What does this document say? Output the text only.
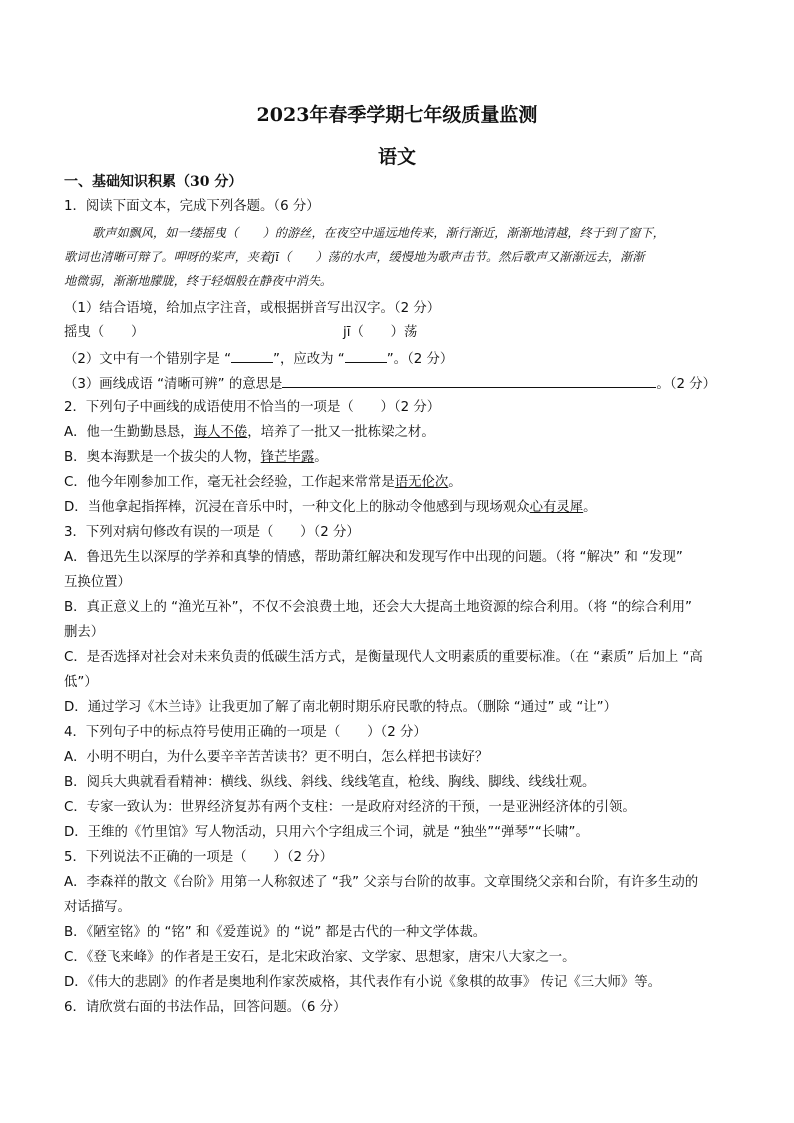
2023年春季学期七年级质量监测
语文
一、基础知识积累（30 分）
1．阅读下面文本，完成下列各题。（6 分）
歌声如飘风，如一缕摇曳（　　）的游丝，在夜空中遥远地传来，渐行渐近，渐渐地清越，终于到了窗下，
歌词也清晰可辩了。呷呀的桨声，夹着jī（　　）荡的水声，缓慢地为歌声击节。然后歌声又渐渐远去，渐渐
地微弱，渐渐地朦胧，终于轻烟般在静夜中消失。
（1）结合语境，给加点字注音，或根据拼音写出汉字。（2 分）
摇曳（　　）	jī（　　）荡
（2）文中有一个错别字是 “	”，应改为 “	”。（2 分）
（3）画线成语 “清晰可辨” 的意思是	。（2 分）
2．下列句子中画线的成语使用不恰当的一项是（　　）（2 分）
A．他一生勤勤恳恳，诲人不倦，培养了一批又一批栋梁之材。
B．奥本海默是一个拔尖的人物，锋芒毕露。
C．他今年刚参加工作，毫无社会经验，工作起来常常是语无伦次。
D．当他拿起指挥棒，沉浸在音乐中时，一种文化上的脉动令他感到与现场观众心有灵犀。
3．下列对病句修改有误的一项是（　　）（2 分）
A．鲁迅先生以深厚的学养和真挚的情感，帮助萧红解决和发现写作中出现的问题。（将 “解决” 和 “发现”
互换位置）
B．真正意义上的 “渔光互补”，不仅不会浪费土地，还会大大提高土地资源的综合利用。（将 “的综合利用”
删去）
C．是否选择对社会对未来负责的低碳生活方式，是衡量现代人文明素质的重要标准。（在 “素质” 后加上 “高
低”）
D．通过学习《木兰诗》让我更加了解了南北朝时期乐府民歌的特点。（删除 “通过” 或 “让”）
4．下列句子中的标点符号使用正确的一项是（　　）（2 分）
A．小明不明白，为什么要辛辛苦苦读书？更不明白，怎么样把书读好？
B．阅兵大典就看看精神：横线、纵线、斜线、线线笔直，枪线、胸线、脚线、线线壮观。
C．专家一致认为：世界经济复苏有两个支柱：一是政府对经济的干预，一是亚洲经济体的引领。
D．王维的《竹里馆》写人物活动，只用六个字组成三个词，就是 “独坐”“弹琴”“长啸”。
5．下列说法不正确的一项是（　　）（2 分）
A．李森祥的散文《台阶》用第一人称叙述了 “我” 父亲与台阶的故事。文章围绕父亲和台阶，有许多生动的
对话描写。
B．《陋室铭》的 “铭” 和《爱莲说》的 “说” 都是古代的一种文学体裁。
C．《登飞来峰》的作者是王安石，是北宋政治家、文学家、思想家，唐宋八大家之一。
D．《伟大的悲剧》的作者是奥地利作家茨威格，其代表作有小说《象棋的故事》 传记《三大师》等。
6．请欣赏右面的书法作品，回答问题。（6 分）
